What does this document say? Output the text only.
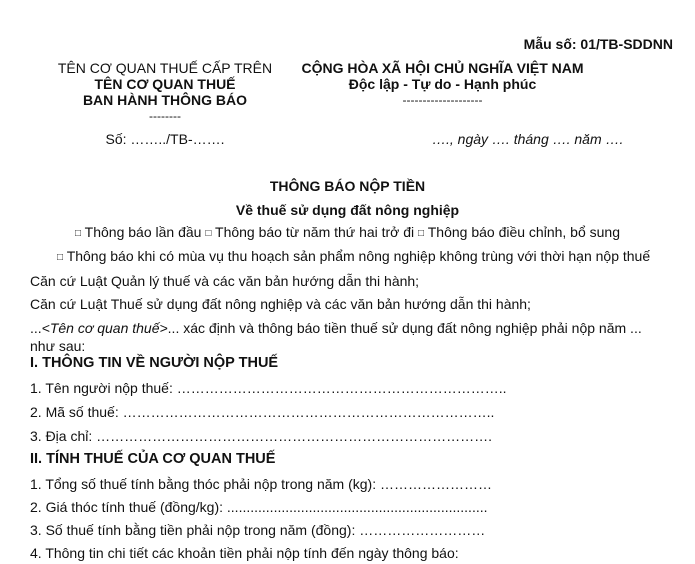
Mẫu số: 01/TB-SDDNN
TÊN CƠ QUAN THUẾ CẤP TRÊN
TÊN CƠ QUAN THUẾ
BAN HÀNH THÔNG BÁO
--------
Số: ……../TB-…….
CỘNG HÒA XÃ HỘI CHỦ NGHĨA VIỆT NAM
Độc lập - Tự do - Hạnh phúc
--------------------
…., ngày …. tháng …. năm ….
THÔNG BÁO NỘP TIỀN
Về thuế sử dụng đất nông nghiệp
□ Thông báo lần đầu □ Thông báo từ năm thứ hai trở đi □ Thông báo điều chỉnh, bổ sung
□ Thông báo khi có mùa vụ thu hoạch sản phẩm nông nghiệp không trùng với thời hạn nộp thuế
Căn cứ Luật Quản lý thuế và các văn bản hướng dẫn thi hành;
Căn cứ Luật Thuế sử dụng đất nông nghiệp và các văn bản hướng dẫn thi hành;
...<Tên cơ quan thuế>... xác định và thông báo tiền thuế sử dụng đất nông nghiệp phải nộp năm ... như sau:
I. THÔNG TIN VỀ NGƯỜI NỘP THUẾ
1. Tên người nộp thuế: ……………………………………………………………..
2. Mã số thuế: ……………………………………………………………………..
3. Địa chỉ: ………………………………………………………………………….
II. TÍNH THUẾ CỦA CƠ QUAN THUẾ
1. Tổng số thuế tính bằng thóc phải nộp trong năm (kg): ……………………
2. Giá thóc tính thuế (đồng/kg): ...................................................................
3. Số thuế tính bằng tiền phải nộp trong năm (đồng): ………………………
4. Thông tin chi tiết các khoản tiền phải nộp tính đến ngày thông báo:
